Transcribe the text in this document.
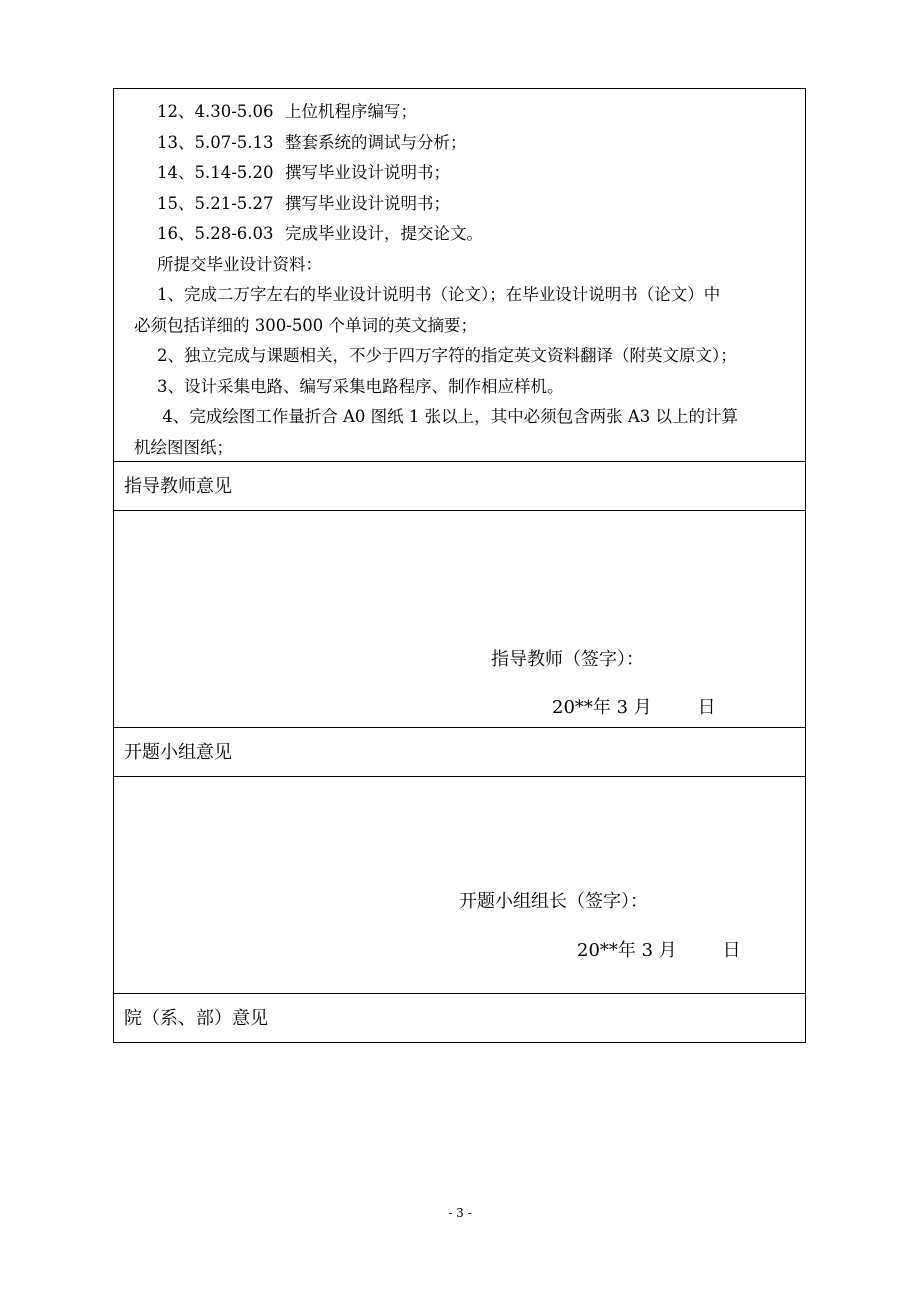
12、4.30-5.06 上位机程序编写；
13、5.07-5.13 整套系统的调试与分析；
14、5.14-5.20 撰写毕业设计说明书；
15、5.21-5.27 撰写毕业设计说明书；
16、5.28-6.03 完成毕业设计，提交论文。
所提交毕业设计资料：
1、完成二万字左右的毕业设计说明书（论文）；在毕业设计说明书（论文）中
必须包括详细的 300-500 个单词的英文摘要；
2、独立完成与课题相关，不少于四万字符的指定英文资料翻译（附英文原文）；
3、设计采集电路、编写采集电路程序、制作相应样机。
4、完成绘图工作量折合 A0 图纸 1 张以上，其中必须包含两张 A3 以上的计算
机绘图图纸；
指导教师意见
指导教师（签字）：
20**年 3 月        日
开题小组意见
开题小组组长（签字）：
20**年 3 月        日
院（系、部）意见
- 3 -
